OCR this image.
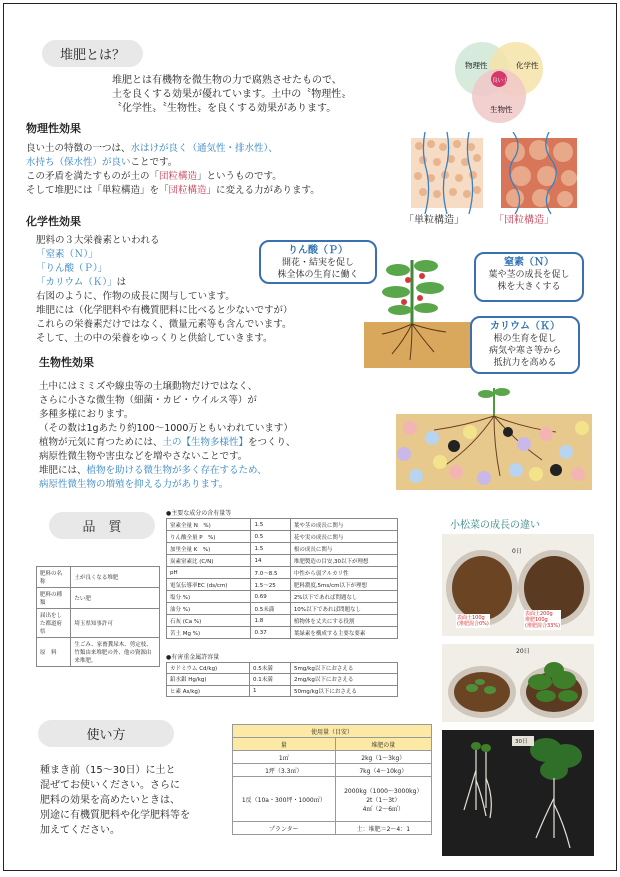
堆肥とは？
堆肥とは有機物を微生物の力で腐熟させたもので、
土を良くする効果が優れています。土中の〝物理性〟
〝化学性〟〝生物性〟を良くする効果があります。
物理性	化学性
生物性
良い土
物理性効果
良い土の特徴の一つは、水はけが良く（通気性・排水性）、
水持ち（保水性）が良いことです。
この矛盾を満たすものが土の「団粒構造」というものです。
そして堆肥には「単粒構造」を「団粒構造」に変える力があります。
「単粒構造」	「団粒構造」
化学性効果
肥料の３大栄養素といわれる
「窒素（Ｎ）」
「りん酸（Ｐ）」
「カリウム（Ｋ）」は
右図のように、作物の成長に関与しています。
堆肥には（化学肥料や有機質肥料に比べると少ないですが）
これらの栄養素だけではなく、微量元素等も含んでいます。
そして、土の中の栄養をゆっくりと供給していきます。
りん酸（Ｐ）
開花・結実を促し
株全体の生育に働く
窒素（Ｎ）
葉や茎の成長を促し
株を大きくする
カリウム（Ｋ）
根の生育を促し
病気や寒さ等から
抵抗力を高める
生物性効果
土中にはミミズや線虫等の土壌動物だけではなく、
さらに小さな微生物（細菌・カビ・ウイルス等）が
多種多様におります。
（その数は1gあたり約100〜1000万ともいわれています）
植物が元気に育つためには、土の【生物多様性】をつくり、
病原性微生物や害虫などを増やさないことです。
堆肥には、植物を助ける微生物が多く存在するため、
病原性微生物の増殖を抑える力があります。
品　質
肥料の名称	土が良くなる堆肥
肥料の種類	たい肥
届出をした都道府県	埼玉県知事許可
原　料	生ごみ、家畜糞尿木、剪定枝、竹類由来堆肥の外、他の資源由来堆肥。
●主要な成分の含有量等
窒素全量 N　%)	1.5	葉や茎の成長に関与
りん酸全量 P　%)	0.5	花や実の成長に関与
加里全量 K　%)	1.5	根の成長に関与
炭素窒素比 (C/N)	14	堆肥製造の目安,30以下が理想
pH	7.0〜8.5	中性から弱アルカリ性
電気伝導率EC (ds/cm)	1.5〜25	肥料濃度,5ms/cm以下が理想
塩分 %)	0.69	2%以下であれば問題なし
油分 %)	0.5未満	10%以下であれば問題なし
石灰 (Ca %)	1.8	植物体を丈夫にする役割
苦土 Mg %)	0.37	葉緑素を構成する主要な要素
●有害重金属許容量
カドミウム Cd/kg)	0.5未満	5mg/kg以下におさえる
鉛水銀 Hg/kg)	0.1未満	2mg/kg以下におさえる
ヒ素 As/kg)	1	50mg/kg以下におさえる
小松菜の成長の違い
0日
表面土100g
(堆肥混合0%)
表面土200g
堆肥100g
(堆肥混合33%)
20日
30日
使い方
種まき前（15〜30日）に土と
混ぜてお使いください。さらに
肥料の効果を高めたいときは、
別途に有機質肥料や化学肥料等を
加えてください。
使用量（目安）	
量	堆肥の量
1㎡	2kg（1〜3kg）
1坪（3.3㎡）	7kg（4〜10kg）
1反（10a・300坪・1000㎡）	2000kg（1000〜3000kg）
2t（1〜3t）
4㎥（2〜6㎥）

プランター	土：堆肥＝2〜4：1
